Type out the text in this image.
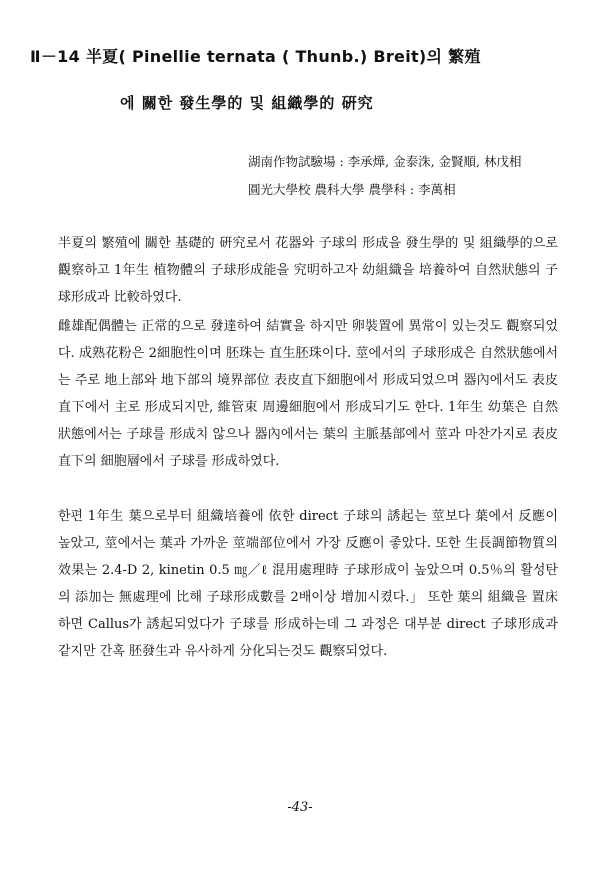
Ⅱ－14 半夏( Pinellie ternata ( Thunb.) Breit)의 繁殖
에 關한 發生學的 및 組織學的 硏究
湖南作物試驗場 : 李承燁, 金泰洙, 金賢順, 林戊相
圓光大學校 農科大學 農學科 : 李萬相
半夏의 繁殖에 關한 基礎的 硏究로서 花器와 子球의 形成을 發生學的 및 組織學的으로 觀察하고 1年生 植物體의 子球形成能을 究明하고자 幼組織을 培養하여 自然狀態의 子球形成과 比較하였다.
雌雄配偶體는 正常的으로 發達하여 結實을 하지만 卵裝置에 異常이 있는것도 觀察되었다. 成熟花粉은 2細胞性이며 胚珠는 直生胚珠이다. 莖에서의 子球形成은 自然狀態에서는 주로 地上部와 地下部의 境界部位 表皮直下細胞에서 形成되었으며 器內에서도 表皮直下에서 主로 形成되지만, 維管束 周邊細胞에서 形成되기도 한다. 1年生 幼葉은 自然狀態에서는 子球를 形成치 않으나 器內에서는 葉의 主脈基部에서 莖과 마찬가지로 表皮直下의 細胞層에서 子球를 形成하였다.
한편 1年生 葉으로부터 組織培養에 依한 direct 子球의 誘起는 莖보다 葉에서 反應이 높았고, 莖에서는 葉과 가까운 莖端部位에서 가장 反應이 좋았다. 또한 生長調節物質의 效果는 2.4-D 2, kinetin 0.5 ㎎／ℓ 混用處理時 子球形成이 높았으며 0.5％의 활성탄의 添加는 無處理에 比해 子球形成數를 2배이상 增加시켰다.」 또한 葉의 組織을 置床하면 Callus가 誘起되었다가 子球를 形成하는데 그 과정은 대부분 direct 子球形成과 같지만 간혹 胚發生과 유사하게 分化되는것도 觀察되었다.
-43-
